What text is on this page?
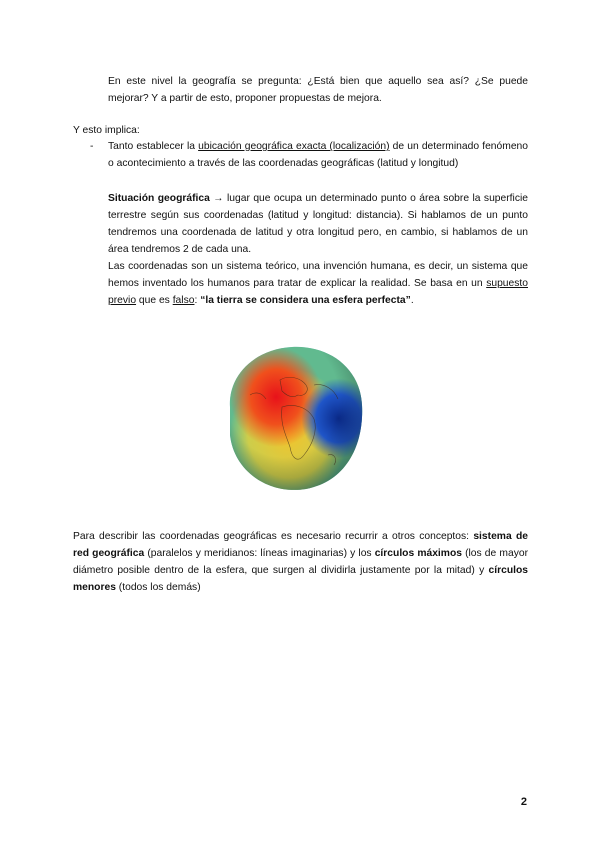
En este nivel la geografía se pregunta: ¿Está bien que aquello sea así? ¿Se puede mejorar? Y a partir de esto, proponer propuestas de mejora.

Y esto implica:

- Tanto establecer la ubicación geográfica exacta (localización) de un determinado fenómeno o acontecimiento a través de las coordenadas geográficas (latitud y longitud)

Situación geográfica → lugar que ocupa un determinado punto o área sobre la superficie terrestre según sus coordenadas (latitud y longitud: distancia). Si hablamos de un punto tendremos una coordenada de latitud y otra longitud pero, en cambio, si hablamos de un área tendremos 2 de cada una.

Las coordenadas son un sistema teórico, una invención humana, es decir, un sistema que hemos inventado los humanos para tratar de explicar la realidad. Se basa en un supuesto previo que es falso: “la tierra se considera una esfera perfecta”.

Para describir las coordenadas geográficas es necesario recurrir a otros conceptos: sistema de red geográfica (paralelos y meridianos: líneas imaginarias) y los círculos máximos (los de mayor diámetro posible dentro de la esfera, que surgen al dividirla justamente por la mitad) y círculos menores (todos los demás)

2
